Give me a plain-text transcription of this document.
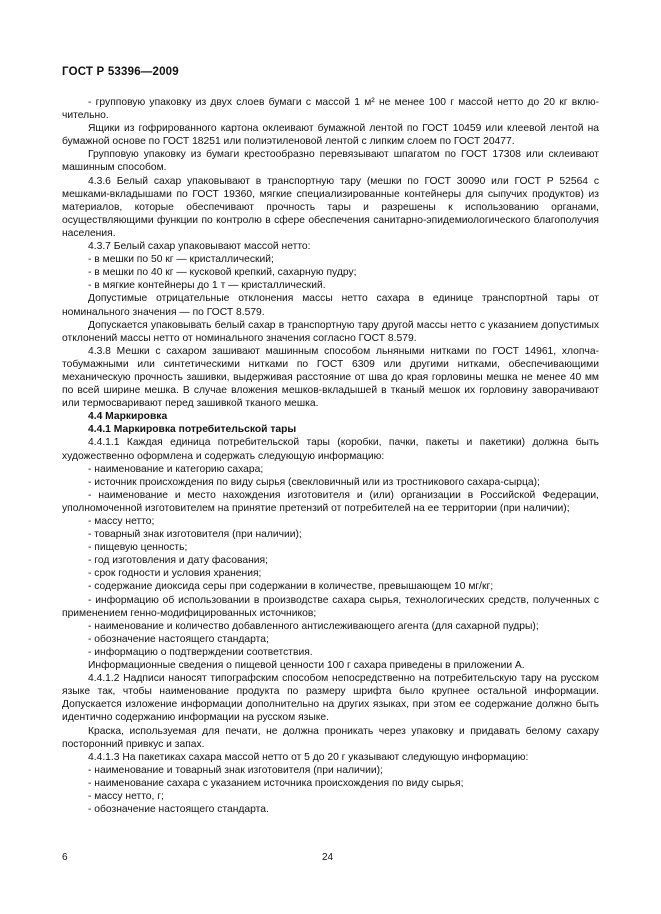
ГОСТ Р 53396—2009

- групповую упаковку из двух слоев бумаги с массой 1 м² не менее 100 г массой нетто до 20 кг включительно.

Ящики из гофрированного картона оклеивают бумажной лентой по ГОСТ 10459 или клеевой лентой на бумажной основе по ГОСТ 18251 или полиэтиленовой лентой с липким слоем по ГОСТ 20477.

Групповую упаковку из бумаги крестообразно перевязывают шпагатом по ГОСТ 17308 или склеивают машинным способом.

4.3.6 Белый сахар упаковывают в транспортную тару (мешки по ГОСТ 30090 или ГОСТ Р 52564 с мешками-вкладышами по ГОСТ 19360, мягкие специализированные контейнеры для сыпучих продуктов) из материалов, которые обеспечивают прочность тары и разрешены к использованию органами, осуществляющими функции по контролю в сфере обеспечения санитарно-эпидемиологического благополучия населения.

4.3.7 Белый сахар упаковывают массой нетто:

- в мешки по 50 кг — кристаллический;

- в мешки по 40 кг — кусковой крепкий, сахарную пудру;

- в мягкие контейнеры до 1 т — кристаллический.

Допустимые отрицательные отклонения массы нетто сахара в единице транспортной тары от номинального значения — по ГОСТ 8.579.

Допускается упаковывать белый сахар в транспортную тару другой массы нетто с указанием допустимых отклонений массы нетто от номинального значения согласно ГОСТ 8.579.

4.3.8 Мешки с сахаром зашивают машинным способом льняными нитками по ГОСТ 14961, хлопчатобумажными или синтетическими нитками по ГОСТ 6309 или другими нитками, обеспечивающими механическую прочность зашивки, выдерживая расстояние от шва до края горловины мешка не менее 40 мм по всей ширине мешка. В случае вложения мешков-вкладышей в тканый мешок их горловину заворачивают или термосваривают перед зашивкой тканого мешка.

4.4 Маркировка

4.4.1 Маркировка потребительской тары

4.4.1.1 Каждая единица потребительской тары (коробки, пачки, пакеты и пакетики) должна быть художественно оформлена и содержать следующую информацию:

- наименование и категорию сахара;

- источник происхождения по виду сырья (свекловичный или из тростникового сахара-сырца);

- наименование и место нахождения изготовителя и (или) организации в Российской Федерации, уполномоченной изготовителем на принятие претензий от потребителей на ее территории (при наличии);

- массу нетто;

- товарный знак изготовителя (при наличии);

- пищевую ценность;

- год изготовления и дату фасования;

- срок годности и условия хранения;

- содержание диоксида серы при содержании в количестве, превышающем 10 мг/кг;

- информацию об использовании в производстве сахара сырья, технологических средств, полученных с применением генно-модифицированных источников;

- наименование и количество добавленного антислеживающего агента (для сахарной пудры);

- обозначение настоящего стандарта;

- информацию о подтверждении соответствия.

Информационные сведения о пищевой ценности 100 г сахара приведены в приложении А.

4.4.1.2 Надписи наносят типографским способом непосредственно на потребительскую тару на русском языке так, чтобы наименование продукта по размеру шрифта было крупнее остальной информации. Допускается изложение информации дополнительно на других языках, при этом ее содержание должно быть идентично содержанию информации на русском языке.

Краска, используемая для печати, не должна проникать через упаковку и придавать белому сахару посторонний привкус и запах.

4.4.1.3 На пакетиках сахара массой нетто от 5 до 20 г указывают следующую информацию:

- наименование и товарный знак изготовителя (при наличии);

- наименование сахара с указанием источника происхождения по виду сырья;

- массу нетто, г;

- обозначение настоящего стандарта.

6	24
